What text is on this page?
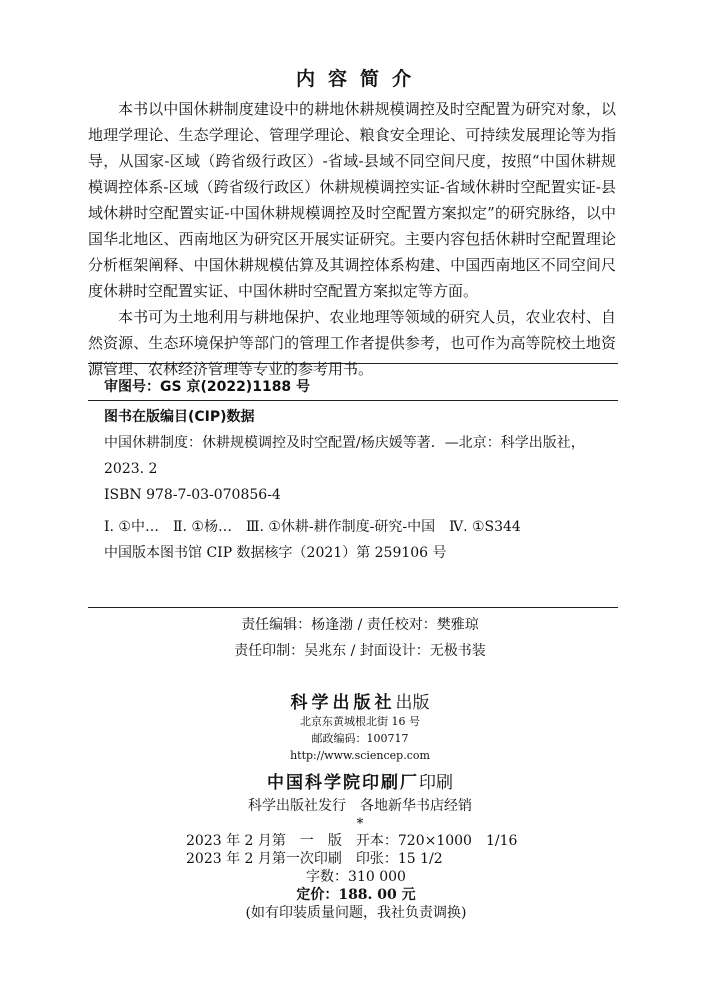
内容简介

本书以中国休耕制度建设中的耕地休耕规模调控及时空配置为研究对象，以地理学理论、生态学理论、管理学理论、粮食安全理论、可持续发展理论等为指导，从国家-区域（跨省级行政区）-省域-县域不同空间尺度，按照“中国休耕规模调控体系-区域（跨省级行政区）休耕规模调控实证-省域休耕时空配置实证-县域休耕时空配置实证-中国休耕规模调控及时空配置方案拟定”的研究脉络，以中国华北地区、西南地区为研究区开展实证研究。主要内容包括休耕时空配置理论分析框架阐释、中国休耕规模估算及其调控体系构建、中国西南地区不同空间尺度休耕时空配置实证、中国休耕时空配置方案拟定等方面。

本书可为土地利用与耕地保护、农业地理等领域的研究人员，农业农村、自然资源、生态环境保护等部门的管理工作者提供参考，也可作为高等院校土地资源管理、农林经济管理等专业的参考用书。

审图号：GS 京(2022)1188 号
图书在版编目(CIP)数据
中国休耕制度：休耕规模调控及时空配置/杨庆媛等著．—北京：科学出版社，2023. 2
ISBN 978-7-03-070856-4
Ⅰ. ①中…　Ⅱ. ①杨…　Ⅲ. ①休耕-耕作制度-研究-中国　Ⅳ. ①S344
中国版本图书馆 CIP 数据核字（2021）第 259106 号
责任编辑：杨逢渤 / 责任校对：樊雅琼
责任印制：吴兆东 / 封面设计：无极书装
科学出版社出版
北京东黄城根北街 16 号
邮政编码：100717
http://www.sciencep.com
中国科学院印刷厂印刷
科学出版社发行　各地新华书店经销
*
2023 年 2 月第　一　版　开本：720×1000　1/16
2023 年 2 月第一次印刷　印张：15 1/2
字数：310 000
定价：188. 00 元
(如有印装质量问题，我社负责调换)
